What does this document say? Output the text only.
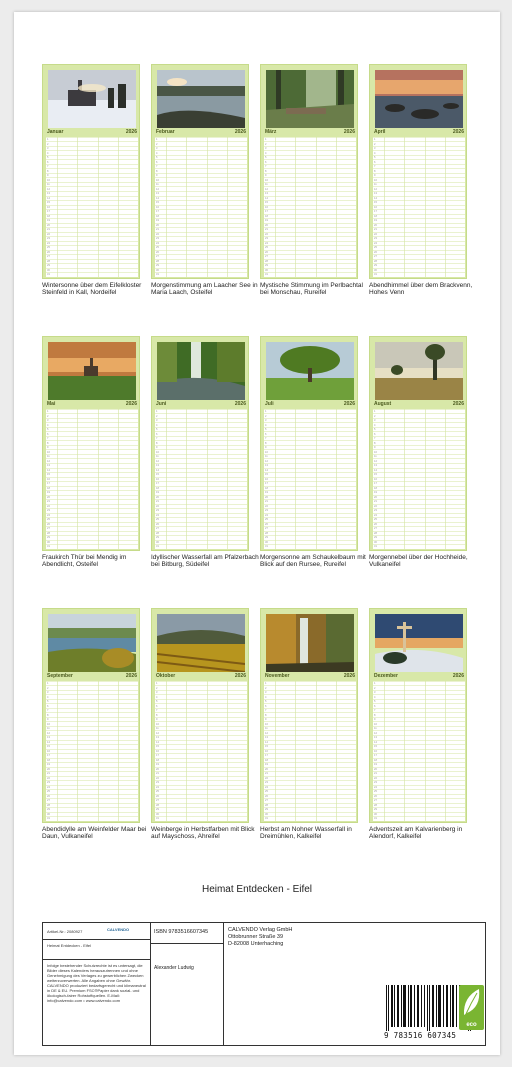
Januar	2026
1
2
3
4
5
6
7
8
9
10
11
12
13
14
15
16
17
18
19
20
21
22
23
24
25
26
27
28
29
30
31
Wintersonne über dem Eifelkloster Steinfeld in Kall, Nordeifel
Februar	2026
1
2
3
4
5
6
7
8
9
10
11
12
13
14
15
16
17
18
19
20
21
22
23
24
25
26
27
28
29
30
31
Morgenstimmung am Laacher See in Maria Laach, Osteifel
März	2026
1
2
3
4
5
6
7
8
9
10
11
12
13
14
15
16
17
18
19
20
21
22
23
24
25
26
27
28
29
30
31
Mystische Stimmung im Perlbachtal bei Monschau, Rureifel
April	2026
1
2
3
4
5
6
7
8
9
10
11
12
13
14
15
16
17
18
19
20
21
22
23
24
25
26
27
28
29
30
31
Abendhimmel über dem Brackvenn, Hohes Venn
Mai	2026
1
2
3
4
5
6
7
8
9
10
11
12
13
14
15
16
17
18
19
20
21
22
23
24
25
26
27
28
29
30
31
Fraukirch Thür bei Mendig im Abendlicht, Osteifel
Juni	2026
1
2
3
4
5
6
7
8
9
10
11
12
13
14
15
16
17
18
19
20
21
22
23
24
25
26
27
28
29
30
31
Idyllischer Wasserfall am Pfalzerbach bei Bitburg, Südeifel
Juli	2026
1
2
3
4
5
6
7
8
9
10
11
12
13
14
15
16
17
18
19
20
21
22
23
24
25
26
27
28
29
30
31
Morgensonne am Schaukelbaum mit Blick auf den Rursee, Rureifel
August	2026
1
2
3
4
5
6
7
8
9
10
11
12
13
14
15
16
17
18
19
20
21
22
23
24
25
26
27
28
29
30
31
Morgennebel über der Hochheide, Vulkaneifel
September	2026
1
2
3
4
5
6
7
8
9
10
11
12
13
14
15
16
17
18
19
20
21
22
23
24
25
26
27
28
29
30
31
Abendidylle am Weinfelder Maar bei Daun, Vulkaneifel
Oktober	2026
1
2
3
4
5
6
7
8
9
10
11
12
13
14
15
16
17
18
19
20
21
22
23
24
25
26
27
28
29
30
31
Weinberge in Herbstfarben mit Blick auf Mayschoss, Ahreifel
November	2026
1
2
3
4
5
6
7
8
9
10
11
12
13
14
15
16
17
18
19
20
21
22
23
24
25
26
27
28
29
30
31
Herbst am Nohner Wasserfall in Dreimühlen, Kalkeifel
Dezember	2026
1
2
3
4
5
6
7
8
9
10
11
12
13
14
15
16
17
18
19
20
21
22
23
24
25
26
27
28
29
30
31
Adventszeit am Kalvarienberg in Alendorf, Kalkeifel
Heimat Entdecken - Eifel
Artikel-Nr.: 2080927	CALVENDO
Heimat Entdecken - Eifel
Infolge bestehender Schutzrechte ist es untersagt, die Bilder dieses Kalenders herauszutrennen und ohne Genehmigung des Verlages zu gewerblichen Zwecken weiterzuverwerten. Alle Angaben ohne Gewähr. CALVENDO produziert bedarfsgerecht und klimaneutral in DE & EU. Premium FSC®Papier dank sozial- und ökologisch-fairer Rohstoffquellen. E-Mail: info@calvendo.com • www.calvendo.com
ISBN 9783516607345
Alexander Ludwig
CALVENDO Verlag GmbH
Ottobrunner Straße 39
D-82008 Unterhaching
9 783516 607345
eco
